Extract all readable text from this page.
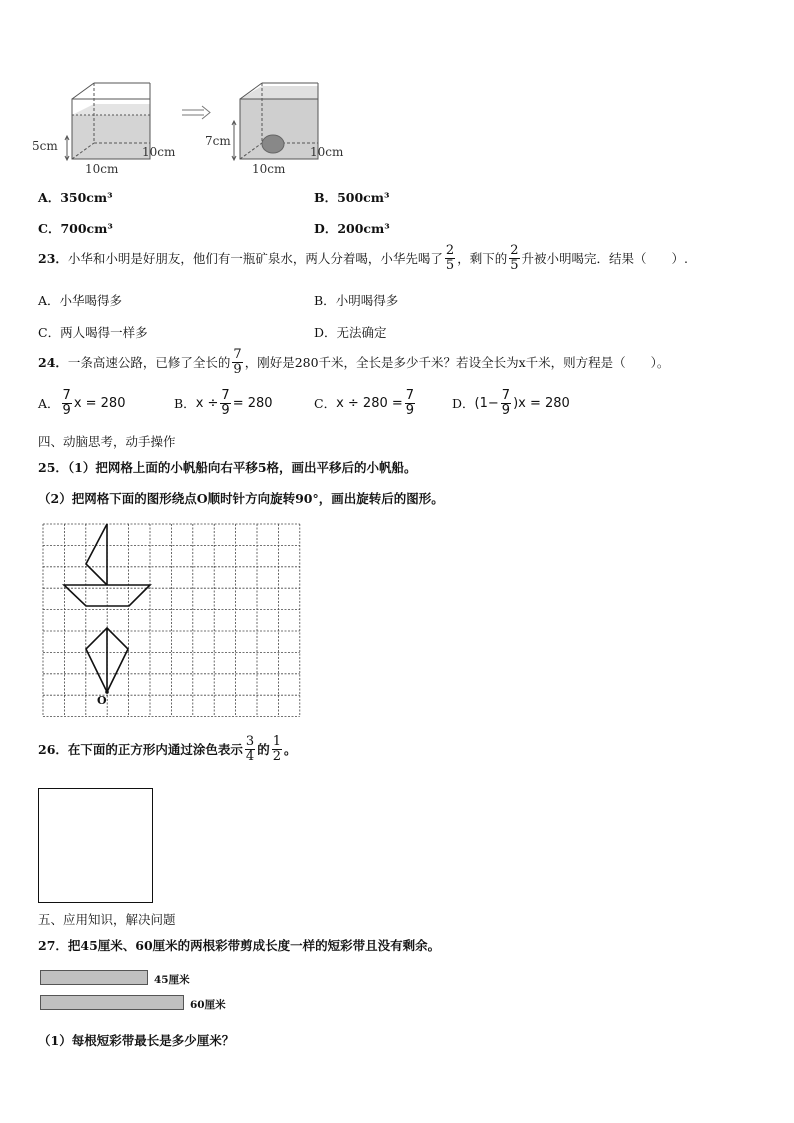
5cm
10cm
10cm
7cm
10cm
10cm
A．350cm³	B．500cm³
C．700cm³	D．200cm³
23． 小华和小明是好朋友，他们有一瓶矿泉水，两人分着喝，小华先喝了 $\frac{2}{5}$ ，剩下的 $\frac{2}{5}$ 升被小明喝完．结果（　　）.
A．小华喝得多	B．小明喝得多
C．两人喝得一样多	D．无法确定
24． 一条高速公路，已修了全长的 $\frac{7}{9}$ ，刚好是280千米，全长是多少千米？若设全长为x千米，则方程是（　　）。
A． $\frac{7}{9}$ x = 280	B． $x \div \frac{7}{9} = 280$	C． $x \div 280 = \frac{7}{9}$	D． $(1- \frac{7}{9} )x = 280$
四、动脑思考，动手操作
25．（1）把网格上面的小帆船向右平移5格，画出平移后的小帆船。
（2）把网格下面的图形绕点O顺时针方向旋转90°，画出旋转后的图形。
O
26．在下面的正方形内通过涂色表示 $\frac{3}{4}$ 的 $\frac{1}{2}$ 。
五、应用知识，解决问题
27．把45厘米、60厘米的两根彩带剪成长度一样的短彩带且没有剩余。
45厘米
60厘米
（1）每根短彩带最长是多少厘米？
